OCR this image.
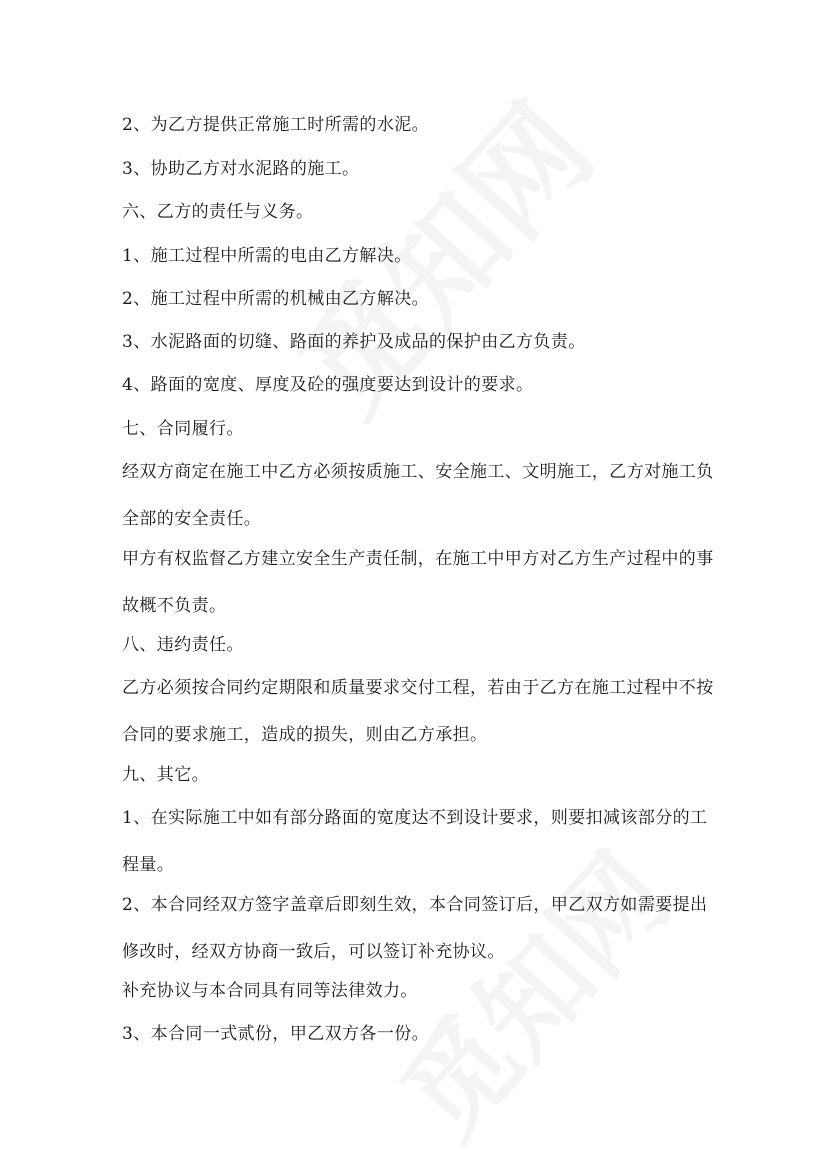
2、为乙方提供正常施工时所需的水泥。

3、协助乙方对水泥路的施工。

六、乙方的责任与义务。

1、施工过程中所需的电由乙方解决。

2、施工过程中所需的机械由乙方解决。

3、水泥路面的切缝、路面的养护及成品的保护由乙方负责。

4、路面的宽度、厚度及砼的强度要达到设计的要求。

七、合同履行。

经双方商定在施工中乙方必须按质施工、安全施工、文明施工，乙方对施工负全部的安全责任。

甲方有权监督乙方建立安全生产责任制，在施工中甲方对乙方生产过程中的事故概不负责。

八、违约责任。

乙方必须按合同约定期限和质量要求交付工程，若由于乙方在施工过程中不按合同的要求施工，造成的损失，则由乙方承担。

九、其它。

1、在实际施工中如有部分路面的宽度达不到设计要求，则要扣减该部分的工程量。

2、本合同经双方签字盖章后即刻生效，本合同签订后，甲乙双方如需要提出修改时，经双方协商一致后，可以签订补充协议。

补充协议与本合同具有同等法律效力。

3、本合同一式贰份，甲乙双方各一份。
